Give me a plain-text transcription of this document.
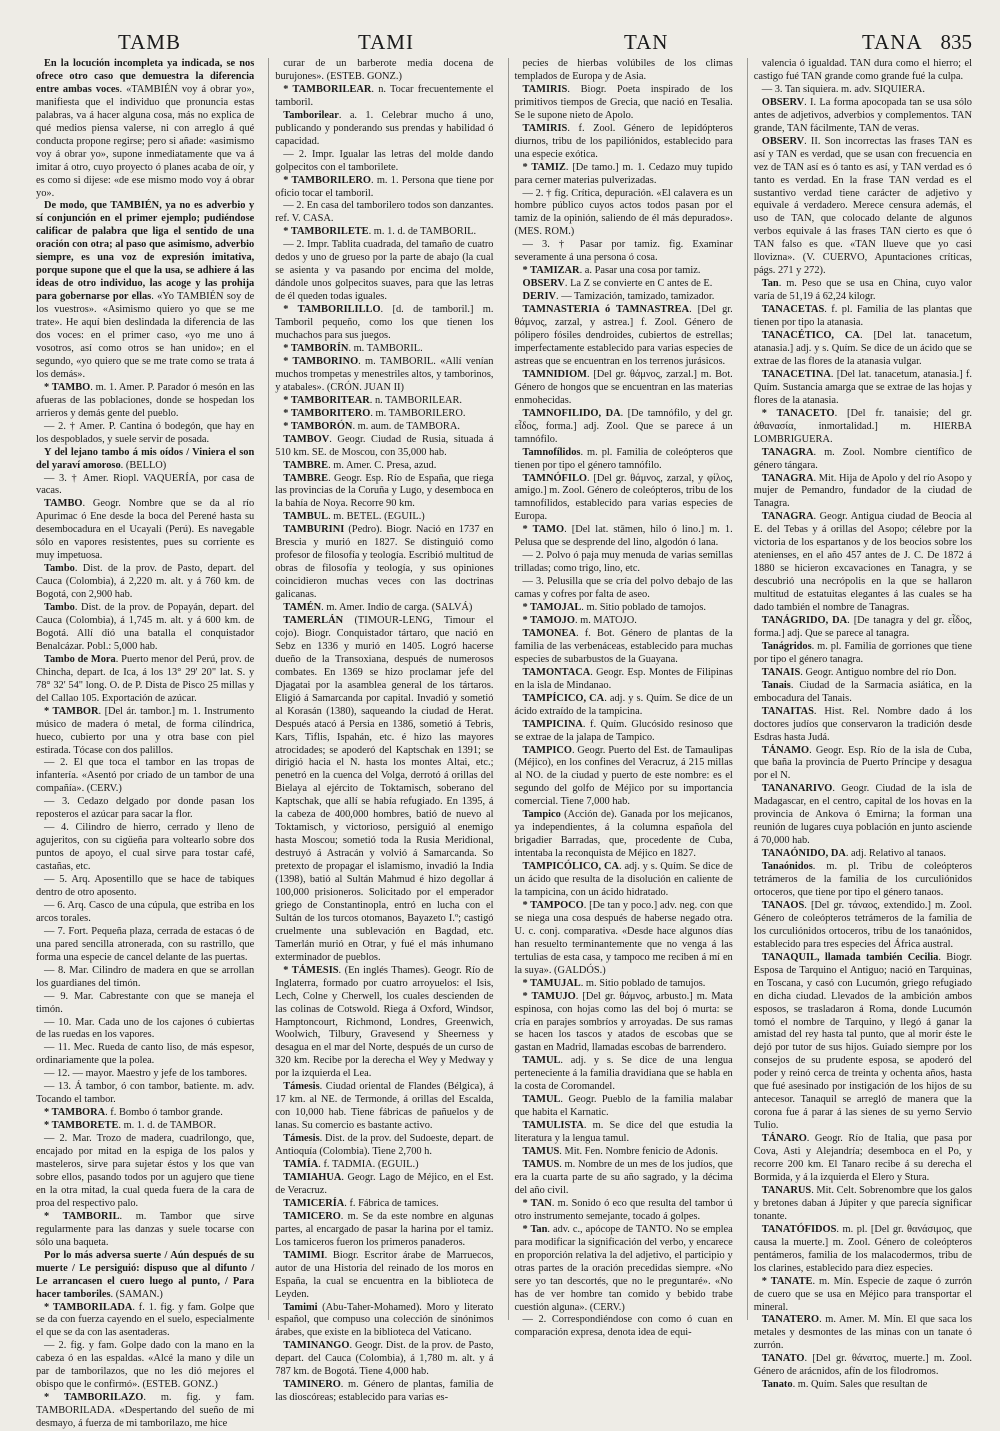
TAMB	TAMI	TAN	TANA 835

En la locución incompleta ya indicada, se nos ofrece otro caso que demuestra la diferencia entre ambas voces. «TAMBIÉN voy á obrar yo», manifiesta que el individuo que pronuncia estas palabras, va á hacer alguna cosa, más no explica de qué medios piensa valerse, ni con arreglo á qué conducta propone regirse; pero si añade: «asimismo voy á obrar yo», supone inmediatamente que va á imitar á otro, cuyo proyecto ó planes acaba de oír, y es como si dijese: «de ese mismo modo voy á obrar yo».

De modo, que TAMBIÉN, ya no es adverbio y sí conjunción en el primer ejemplo; pudiéndose calificar de palabra que liga el sentido de una oración con otra; al paso que asimismo, adverbio siempre, es una voz de expresión imitativa, porque supone que el que la usa, se adhiere á las ideas de otro individuo, las acoge y las prohija para gobernarse por ellas. «Yo TAMBIÉN soy de los vuestros». «Asimismo quiero yo que se me trate». He aquí bien deslindada la diferencia de las dos voces: en el primer caso, «yo me uno á vosotros, así como otros se han unido»; en el segundo, «yo quiero que se me trate como se trata á los demás».

* TAMBO. m. 1. Amer. P. Parador ó mesón en las afueras de las poblaciones, donde se hospedan los arrieros y demás gente del pueblo.

— 2. † Amer. P. Cantina ó bodegón, que hay en los despoblados, y suele servir de posada.

Y del lejano tambo á mis oídos / Viniera el son del yaraví amoroso. (BELLO)

— 3. † Amer. Riopl. VAQUERÍA, por casa de vacas.

TAMBO. Geogr. Nombre que se da al río Apurimac ó Ene desde la boca del Perené hasta su desembocadura en el Ucayali (Perú). Es navegable sólo en vapores resistentes, pues su corriente es muy impetuosa.

Tambo. Dist. de la prov. de Pasto, depart. del Cauca (Colombia), á 2,220 m. alt. y á 760 km. de Bogotá, con 2,900 hab.

Tambo. Dist. de la prov. de Popayán, depart. del Cauca (Colombia), á 1,745 m. alt. y á 600 km. de Bogotá. Allí dió una batalla el conquistador Benalcázar. Pobl.: 5,000 hab.

Tambo de Mora. Puerto menor del Perú, prov. de Chincha, depart. de Ica, á los 13° 29' 20" lat. S. y 78° 32' 54" long. O. de P. Dista de Pisco 25 millas y del Callao 105. Exportación de azúcar.

* TAMBOR. [Del ár. tambor.] m. 1. Instrumento músico de madera ó metal, de forma cilíndrica, hueco, cubierto por una y otra base con piel estirada. Tócase con dos palillos.

— 2. El que toca el tambor en las tropas de infantería. «Asentó por criado de un tambor de una compañía». (CERV.)

— 3. Cedazo delgado por donde pasan los reposteros el azúcar para sacar la flor.

— 4. Cilindro de hierro, cerrado y lleno de agujeritos, con su cigüeña para voltearlo sobre dos puntos de apoyo, el cual sirve para tostar café, castañas, etc.

— 5. Arq. Aposentillo que se hace de tabiques dentro de otro aposento.

— 6. Arq. Casco de una cúpula, que estriba en los arcos torales.

— 7. Fort. Pequeña plaza, cerrada de estacas ó de una pared sencilla atronerada, con su rastrillo, que forma una especie de cancel delante de las puertas.

— 8. Mar. Cilindro de madera en que se arrollan los guardianes del timón.

— 9. Mar. Cabrestante con que se maneja el timón.

— 10. Mar. Cada uno de los cajones ó cubiertas de las ruedas en los vapores.

— 11. Mec. Rueda de canto liso, de más espesor, ordinariamente que la polea.

— 12. — mayor. Maestro y jefe de los tambores.

— 13. Á tambor, ó con tambor, batiente. m. adv. Tocando el tambor.

* TAMBORA. f. Bombo ó tambor grande.

* TAMBORETE. m. 1. d. de TAMBOR.

— 2. Mar. Trozo de madera, cuadrilongo, que, encajado por mitad en la espiga de los palos y masteleros, sirve para sujetar éstos y los que van sobre ellos, pasando todos por un agujero que tiene en la otra mitad, la cual queda fuera de la cara de proa del respectivo palo.

* TAMBORIL. m. Tambor que sirve regularmente para las danzas y suele tocarse con sólo una baqueta.

Por lo más adversa suerte / Aún después de su muerte / Le persiguió: dispuso que al difunto / Le arrancasen el cuero luego al punto, / Para hacer tamboriles. (SAMAN.)

* TAMBORILADA. f. 1. fig. y fam. Golpe que se da con fuerza cayendo en el suelo, especialmente el que se da con las asentaderas.

— 2. fig. y fam. Golpe dado con la mano en la cabeza ó en las espaldas. «Alcé la mano y dile un par de tamborilazos, que no les dió mejores el obispo que le confirmó». (ESTEB. GONZ.)

* TAMBORILAZO. m. fig. y fam. TAMBORILADA. «Despertando del sueño de mi desmayo, á fuerza de mi tamborilazo, me hice

curar de un barberote media docena de burujones». (ESTEB. GONZ.)

* TAMBORILEAR. n. Tocar frecuentemente el tamboril.

Tamborilear. a. 1. Celebrar mucho á uno, publicando y ponderando sus prendas y habilidad ó capacidad.

— 2. Impr. Igualar las letras del molde dando golpecitos con el tamborilete.

* TAMBORILERO. m. 1. Persona que tiene por oficio tocar el tamboril.

— 2. En casa del tamborilero todos son danzantes. ref. V. CASA.

* TAMBORILETE. m. 1. d. de TAMBORIL.

— 2. Impr. Tablita cuadrada, del tamaño de cuatro dedos y uno de grueso por la parte de abajo (la cual se asienta y va pasando por encima del molde, dándole unos golpecitos suaves, para que las letras de él queden todas iguales.

* TAMBORILILLO. [d. de tamboril.] m. Tamboril pequeño, como los que tienen los muchachos para sus juegos.

* TAMBORÍN. m. TAMBORIL.

* TAMBORINO. m. TAMBORIL. «Allí venían muchos trompetas y menestriles altos, y tamborinos, y atabales». (CRÓN. JUAN II)

* TAMBORITEAR. n. TAMBORILEAR.

* TAMBORITERO. m. TAMBORILERO.

* TAMBORÓN. m. aum. de TAMBORA.

TAMBOV. Geogr. Ciudad de Rusia, situada á 510 km. SE. de Moscou, con 35,000 hab.

TAMBRE. m. Amer. C. Presa, azud.

TAMBRE. Geogr. Esp. Río de España, que riega las provincias de la Coruña y Lugo, y desemboca en la bahía de Noya. Recorre 90 km.

TAMBUL. m. BETEL. (EGUIL.)

TAMBURINI (Pedro). Biogr. Nació en 1737 en Brescia y murió en 1827. Se distinguió como profesor de filosofía y teología. Escribió multitud de obras de filosofía y teología, y sus opiniones coincidieron muchas veces con las doctrinas galicanas.

TAMÉN. m. Amer. Indio de carga. (SALVÁ)

TAMERLÁN (TIMOUR-LENG, Timour el cojo). Biogr. Conquistador tártaro, que nació en Sebz en 1336 y murió en 1405. Logró hacerse dueño de la Transoxiana, después de numerosos combates. En 1369 se hizo proclamar jefe del Djagatai por la asamblea general de los tártaros. Eligió á Samarcanda por capital. Invadió y sometió al Korasán (1380), saqueando la ciudad de Herat. Después atacó á Persia en 1386, sometió á Tebris, Kars, Tiflis, Ispahán, etc. é hizo las mayores atrocidades; se apoderó del Kaptschak en 1391; se dirigió hacia el N. hasta los montes Altai, etc.; penetró en la cuenca del Volga, derrotó á orillas del Bielaya al ejército de Toktamisch, soberano del Kaptschak, que allí se había refugiado. En 1395, á la cabeza de 400,000 hombres, batió de nuevo al Toktamisch, y victorioso, persiguió al enemigo hasta Moscou; sometió toda la Rusia Meridional, destruyó á Astracán y volvió á Samarcanda. So pretexto de propagar el islamismo, invadió la India (1398), batió al Sultán Mahmud é hizo degollar á 100,000 prisioneros. Solicitado por el emperador griego de Constantinopla, entró en lucha con el Sultán de los turcos otomanos, Bayazeto I.º; castigó cruelmente una sublevación en Bagdad, etc. Tamerlán murió en Otrar, y fué el más inhumano exterminador de pueblos.

* TÁMESIS. (En inglés Thames). Geogr. Río de Inglaterra, formado por cuatro arroyuelos: el Isis, Lech, Colne y Cherwell, los cuales descienden de las colinas de Cotswold. Riega á Oxford, Windsor, Hamptoncourt, Richmond, Londres, Greenwich, Woolwich, Tilbury, Gravesend y Sheerness y desagua en el mar del Norte, después de un curso de 320 km. Recibe por la derecha el Wey y Medway y por la izquierda el Lea.

Támesis. Ciudad oriental de Flandes (Bélgica), á 17 km. al NE. de Termonde, á orillas del Escalda, con 10,000 hab. Tiene fábricas de pañuelos y de lanas. Su comercio es bastante activo.

Támesis. Dist. de la prov. del Sudoeste, depart. de Antioquía (Colombia). Tiene 2,700 h.

TAMÍA. f. TADMIA. (EGUIL.)

TAMIAHUA. Geogr. Lago de Méjico, en el Est. de Veracruz.

TAMICERÍA. f. Fábrica de tamices.

TAMICERO. m. Se da este nombre en algunas partes, al encargado de pasar la harina por el tamiz. Los tamiceros fueron los primeros panaderos.

TAMIMI. Biogr. Escritor árabe de Marruecos, autor de una Historia del reinado de los moros en España, la cual se encuentra en la biblioteca de Leyden.

Tamimi (Abu-Taher-Mohamed). Moro y literato español, que compuso una colección de sinónimos árabes, que existe en la biblioteca del Vaticano.

TAMINANGO. Geogr. Dist. de la prov. de Pasto, depart. del Cauca (Colombia), á 1,780 m. alt. y á 787 km. de Bogotá. Tiene 4,000 hab.

TAMINERO. m. Género de plantas, familia de las dioscóreas; establecido para varias es-

pecies de hierbas volúbiles de los climas templados de Europa y de Asia.

TAMIRIS. Biogr. Poeta inspirado de los primitivos tiempos de Grecia, que nació en Tesalia. Se le supone nieto de Apolo.

TAMIRIS. f. Zool. Género de lepidópteros diurnos, tribu de los papiliónidos, establecido para una especie exótica.

* TAMIZ. [De tamo.] m. 1. Cedazo muy tupido para cerner materias pulverizadas.

— 2. † fig. Crítica, depuración. «El calavera es un hombre público cuyos actos todos pasan por el tamiz de la opinión, saliendo de él más depurados». (MES. ROM.)

— 3. † Pasar por tamiz. fig. Examinar severamente á una persona ó cosa.

* TAMIZAR. a. Pasar una cosa por tamiz.

OBSERV. La Z se convierte en C antes de E.

DERIV. — Tamización, tamizado, tamizador.

TAMNASTERIA ó TAMNASTREA. [Del gr. θάμνος, zarzal, y astrea.] f. Zool. Género de pólipero fósiles dendroides, cubiertos de estrellas; imperfectamente establecido para varias especies de astreas que se encuentran en los terrenos jurásicos.

TAMNIDIOM. [Del gr. θάμνος, zarzal.] m. Bot. Género de hongos que se encuentran en las materias enmohecidas.

TAMNOFILIDO, DA. [De tamnófilo, y del gr. εἶδος, forma.] adj. Zool. Que se parece á un tamnófilo.

Tamnofílidos. m. pl. Familia de coleópteros que tienen por tipo el género tamnófilo.

TAMNÓFILO. [Del gr. θάμνος, zarzal, y φίλος, amigo.] m. Zool. Género de coleópteros, tribu de los tamnofílidos, establecido para varias especies de Europa.

* TAMO. [Del lat. stāmen, hilo ó lino.] m. 1. Pelusa que se desprende del lino, algodón ó lana.

— 2. Polvo ó paja muy menuda de varias semillas trilladas; como trigo, lino, etc.

— 3. Pelusilla que se cría del polvo debajo de las camas y cofres por falta de aseo.

* TAMOJAL. m. Sitio poblado de tamojos.

* TAMOJO. m. MATOJO.

TAMONEA. f. Bot. Género de plantas de la familia de las verbenáceas, establecido para muchas especies de subarbustos de la Guayana.

TAMONTACA. Geogr. Esp. Montes de Filipinas en la isla de Mindanao.

TAMPÍCICO, CA. adj. y s. Quím. Se dice de un ácido extraído de la tampicina.

TAMPICINA. f. Quím. Glucósido resinoso que se extrae de la jalapa de Tampico.

TAMPICO. Geogr. Puerto del Est. de Tamaulipas (Méjico), en los confines del Veracruz, á 215 millas al NO. de la ciudad y puerto de este nombre: es el segundo del golfo de Méjico por su importancia comercial. Tiene 7,000 hab.

Tampico (Acción de). Ganada por los mejicanos, ya independientes, á la columna española del brigadier Barradas, que, procedente de Cuba, intentaba la reconquista de Méjico en 1827.

TAMPICÓLICO, CA. adj. y s. Quím. Se dice de un ácido que resulta de la disolución en caliente de la tampicina, con un ácido hidratado.

* TAMPOCO. [De tan y poco.] adv. neg. con que se niega una cosa después de haberse negado otra. U. c. conj. comparativa. «Desde hace algunos días han resuelto terminantemente que no venga á las tertulias de esta casa, y tampoco me reciben á mí en la suya». (GALDÓS.)

* TAMUJAL. m. Sitio poblado de tamujos.

* TAMUJO. [Del gr. θάμνος, arbusto.] m. Mata espinosa, con hojas como las del boj ó murta: se cría en parajes sombríos y arroyadas. De sus ramas se hacen los tascos y atados de escobas que se gastan en Madrid, llamadas escobas de barrendero.

TAMUL. adj. y s. Se dice de una lengua perteneciente á la familia dravidiana que se habla en la costa de Coromandel.

TAMUL. Geogr. Pueblo de la familia malabar que habita el Karnatic.

TAMULISTA. m. Se dice del que estudia la literatura y la lengua tamul.

TAMUS. Mit. Fen. Nombre fenicio de Adonis.

TAMUS. m. Nombre de un mes de los judíos, que era la cuarta parte de su año sagrado, y la décima del año civil.

* TAN. m. Sonido ó eco que resulta del tambor ú otro instrumento semejante, tocado á golpes.

* Tan. adv. c., apócope de TANTO. No se emplea para modificar la significación del verbo, y encarece en proporción relativa la del adjetivo, el participio y otras partes de la oración precedidas siempre. «No sere yo tan descortés, que no le preguntaré». «No has de ver hombre tan comido y bebido trabe cuestión alguna». (CERV.)

— 2. Correspondiéndose con como ó cuan en comparación expresa, denota idea de equi-

valencia ó igualdad. TAN dura como el hierro; el castigo fué TAN grande como grande fué la culpa.

— 3. Tan siquiera. m. adv. SIQUIERA.

OBSERV. I. La forma apocopada tan se usa sólo antes de adjetivos, adverbios y complementos. TAN grande, TAN fácilmente, TAN de veras.

OBSERV. II. Son incorrectas las frases TAN es así y TAN es verdad, que se usan con frecuencia en vez de TAN así es ó tanto es así, y TAN verdad es ó tanto es verdad. En la frase TAN verdad es el sustantivo verdad tiene carácter de adjetivo y equivale á verdadero. Merece censura además, el uso de TAN, que colocado delante de algunos verbos equivale á las frases TAN cierto es que ó TAN falso es que. «TAN llueve que yo casi llovizna». (V. CUERVO, Apuntaciones críticas, págs. 271 y 272).

Tan. m. Peso que se usa en China, cuyo valor varía de 51,19 á 62,24 kilogr.

TANACETAS. f. pl. Familia de las plantas que tienen por tipo la atanasia.

TANACÉTICO, CA. [Del lat. tanacetum, atanasia.] adj. y s. Quím. Se dice de un ácido que se extrae de las flores de la atanasia vulgar.

TANACETINA. [Del lat. tanacetum, atanasia.] f. Quím. Sustancia amarga que se extrae de las hojas y flores de la atanasia.

* TANACETO. [Del fr. tanaisie; del gr. ἀθανασία, inmortalidad.] m. HIERBA LOMBRIGUERA.

TANAGRA. m. Zool. Nombre científico de género tángara.

TANAGRA. Mit. Hija de Apolo y del río Asopo y mujer de Pemandro, fundador de la ciudad de Tanagra.

TANAGRA. Geogr. Antigua ciudad de Beocia al E. del Tebas y á orillas del Asopo; célebre por la victoria de los espartanos y de los beocios sobre los atenienses, en el año 457 antes de J. C. De 1872 á 1880 se hicieron excavaciones en Tanagra, y se descubrió una necrópolis en la que se hallaron multitud de estatuitas elegantes á las cuales se ha dado también el nombre de Tanagras.

TANÁGRIDO, DA. [De tanagra y del gr. εἶδος, forma.] adj. Que se parece al tanagra.

Tanágridos. m. pl. Familia de gorriones que tiene por tipo el género tanagra.

TANAIS. Geogr. Antiguo nombre del río Don.

Tanais. Ciudad de la Sarmacia asiática, en la embocadura del Tanais.

TANAITAS. Hist. Rel. Nombre dado á los doctores judíos que conservaron la tradición desde Esdras hasta Judá.

TÁNAMO. Geogr. Esp. Río de la isla de Cuba, que baña la provincia de Puerto Príncipe y desagua por el N.

TANANARIVO. Geogr. Ciudad de la isla de Madagascar, en el centro, capital de los hovas en la provincia de Ankova ó Emirna; la forman una reunión de lugares cuya población en junto asciende á 70,000 hab.

TANAÓNIDO, DA. adj. Relativo al tanaos.

Tanaónidos. m. pl. Tribu de coleópteros tetrámeros de la familia de los curculiónidos ortoceros, que tiene por tipo el género tanaos.

TANAOS. [Del gr. τάναος, extendido.] m. Zool. Género de coleópteros tetrámeros de la familia de los curculiónidos ortoceros, tribu de los tanaónidos, establecido para tres especies del África austral.

TANAQUIL, llamada también Cecilia. Biogr. Esposa de Tarquino el Antiguo; nació en Tarquinas, en Toscana, y casó con Lucumón, griego refugiado en dicha ciudad. Llevados de la ambición ambos esposos, se trasladaron á Roma, donde Lucumón tomó el nombre de Tarquino, y llegó á ganar la amistad del rey hasta tal punto, que al morir éste le dejó por tutor de sus hijos. Guiado siempre por los consejos de su prudente esposa, se apoderó del poder y reinó cerca de treinta y ochenta años, hasta que fué asesinado por instigación de los hijos de su antecesor. Tanaquil se arregló de manera que la corona fue á parar á las sienes de su yerno Servio Tulio.

TÁNARO. Geogr. Río de Italia, que pasa por Cova, Asti y Alejandría; desemboca en el Po, y recorre 200 km. El Tanaro recibe á su derecha el Bormida, y á la izquierda el Elero y Stura.

TANARUS. Mit. Celt. Sobrenombre que los galos y bretones daban á Júpiter y que parecía significar tonante.

TANATÓFIDOS. m. pl. [Del gr. θανάσιμος, que causa la muerte.] m. Zool. Género de coleópteros pentámeros, familia de los malacodermos, tribu de los clarines, establecido para diez especies.

* TANATE. m. Mín. Especie de zaque ó zurrón de cuero que se usa en Méjico para transportar el mineral.

TANATERO. m. Amer. M. Mín. El que saca los metales y desmontes de las minas con un tanate ó zurrón.

TANATO. [Del gr. θάνατος, muerte.] m. Zool. Género de arácnidos, afín de los filodromos.

Tanato. m. Quím. Sales que resultan de
